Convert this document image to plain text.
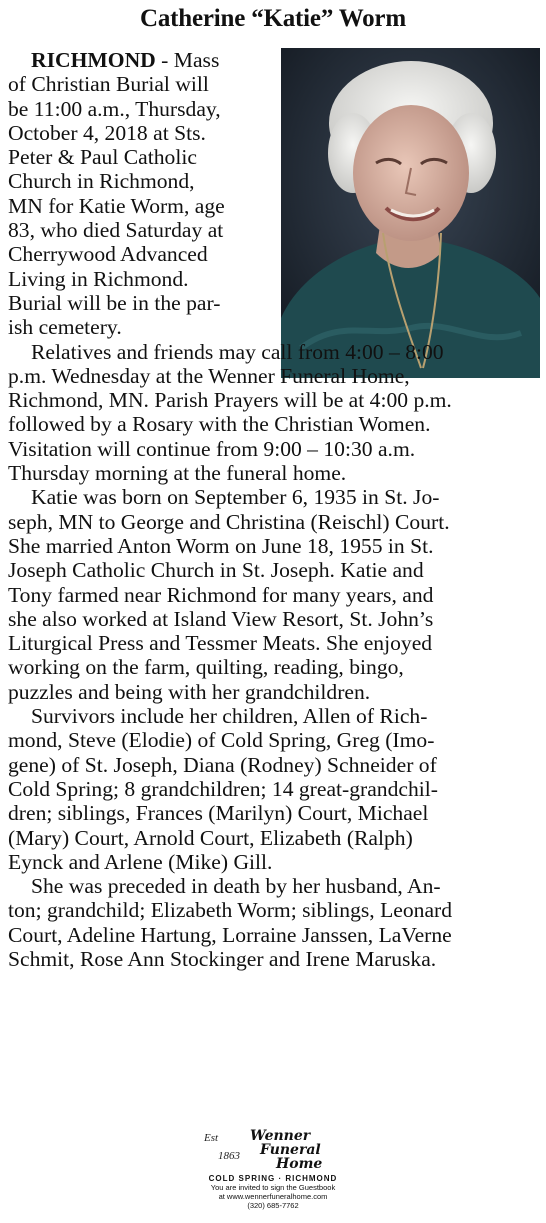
Catherine “Katie” Worm
RICHMOND - Mass
of Christian Burial will
be 11:00 a.m., Thursday,
October 4, 2018 at Sts.
Peter & Paul Catholic
Church in Richmond,
MN for Katie Worm, age
83, who died Saturday at
Cherrywood Advanced
Living in Richmond.
Burial will be in the par-
ish cemetery.
Relatives and friends may call from 4:00 – 8:00
p.m. Wednesday at the Wenner Funeral Home,
Richmond, MN. Parish Prayers will be at 4:00 p.m.
followed by a Rosary with the Christian Women.
Visitation will continue from 9:00 – 10:30 a.m.
Thursday morning at the funeral home.
Katie was born on September 6, 1935 in St. Jo-
seph, MN to George and Christina (Reischl) Court.
She married Anton Worm on June 18, 1955 in St.
Joseph Catholic Church in St. Joseph. Katie and
Tony farmed near Richmond for many years, and
she also worked at Island View Resort, St. John’s
Liturgical Press and Tessmer Meats. She enjoyed
working on the farm, quilting, reading, bingo,
puzzles and being with her grandchildren.
Survivors include her children, Allen of Rich-
mond, Steve (Elodie) of Cold Spring, Greg (Imo-
gene) of St. Joseph, Diana (Rodney) Schneider of
Cold Spring; 8 grandchildren; 14 great-grandchil-
dren; siblings, Frances (Marilyn) Court, Michael
(Mary) Court, Arnold Court, Elizabeth (Ralph)
Eynck and Arlene (Mike) Gill.
She was preceded in death by her husband, An-
ton; grandchild; Elizabeth Worm; siblings, Leonard
Court, Adeline Hartung, Lorraine Janssen, LaVerne
Schmit, Rose Ann Stockinger and Irene Maruska.
Est
1863
Wenner
Funeral
Home
COLD SPRING · RICHMOND
You are invited to sign the Guestbook
at www.wennerfuneralhome.com
(320) 685-7762
